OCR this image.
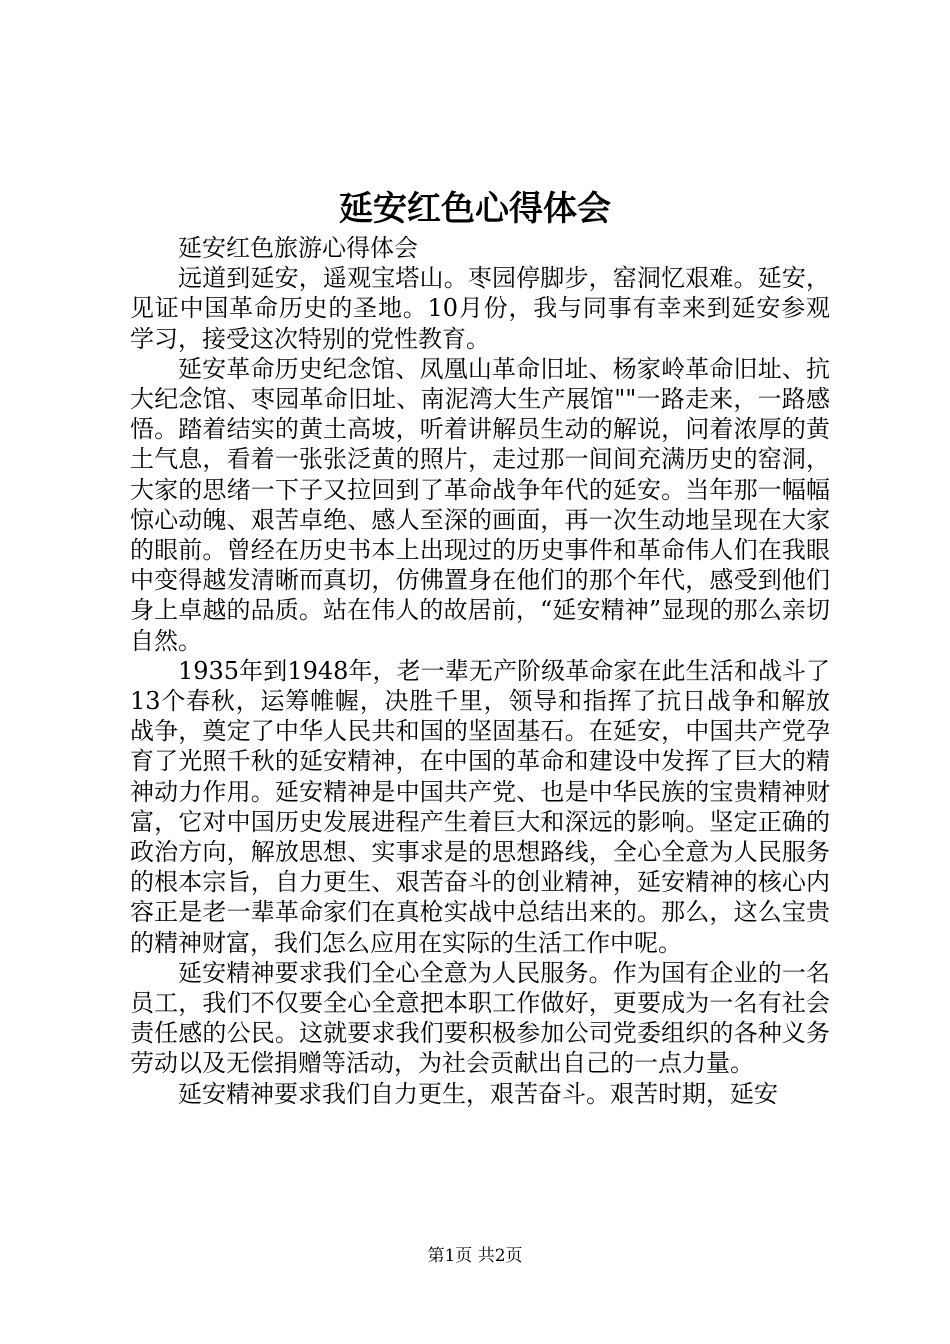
延安红色心得体会

延安红色旅游心得体会

远道到延安，遥观宝塔山。枣园停脚步，窑洞忆艰难。延安，见证中国革命历史的圣地。10月份，我与同事有幸来到延安参观学习，接受这次特别的党性教育。

延安革命历史纪念馆、凤凰山革命旧址、杨家岭革命旧址、抗大纪念馆、枣园革命旧址、南泥湾大生产展馆""一路走来，一路感悟。踏着结实的黄土高坡，听着讲解员生动的解说，问着浓厚的黄土气息，看着一张张泛黄的照片，走过那一间间充满历史的窑洞，大家的思绪一下子又拉回到了革命战争年代的延安。当年那一幅幅惊心动魄、艰苦卓绝、感人至深的画面，再一次生动地呈现在大家的眼前。曾经在历史书本上出现过的历史事件和革命伟人们在我眼中变得越发清晰而真切，仿佛置身在他们的那个年代，感受到他们身上卓越的品质。站在伟人的故居前，“延安精神”显现的那么亲切自然。

1935年到1948年，老一辈无产阶级革命家在此生活和战斗了13个春秋，运筹帷幄，决胜千里，领导和指挥了抗日战争和解放战争，奠定了中华人民共和国的坚固基石。在延安，中国共产党孕育了光照千秋的延安精神，在中国的革命和建设中发挥了巨大的精神动力作用。延安精神是中国共产党、也是中华民族的宝贵精神财富，它对中国历史发展进程产生着巨大和深远的影响。坚定正确的政治方向，解放思想、实事求是的思想路线，全心全意为人民服务的根本宗旨，自力更生、艰苦奋斗的创业精神，延安精神的核心内容正是老一辈革命家们在真枪实战中总结出来的。那么，这么宝贵的精神财富，我们怎么应用在实际的生活工作中呢。

延安精神要求我们全心全意为人民服务。作为国有企业的一名员工，我们不仅要全心全意把本职工作做好，更要成为一名有社会责任感的公民。这就要求我们要积极参加公司党委组织的各种义务劳动以及无偿捐赠等活动，为社会贡献出自己的一点力量。

延安精神要求我们自力更生，艰苦奋斗。艰苦时期，延安

第1页 共2页
